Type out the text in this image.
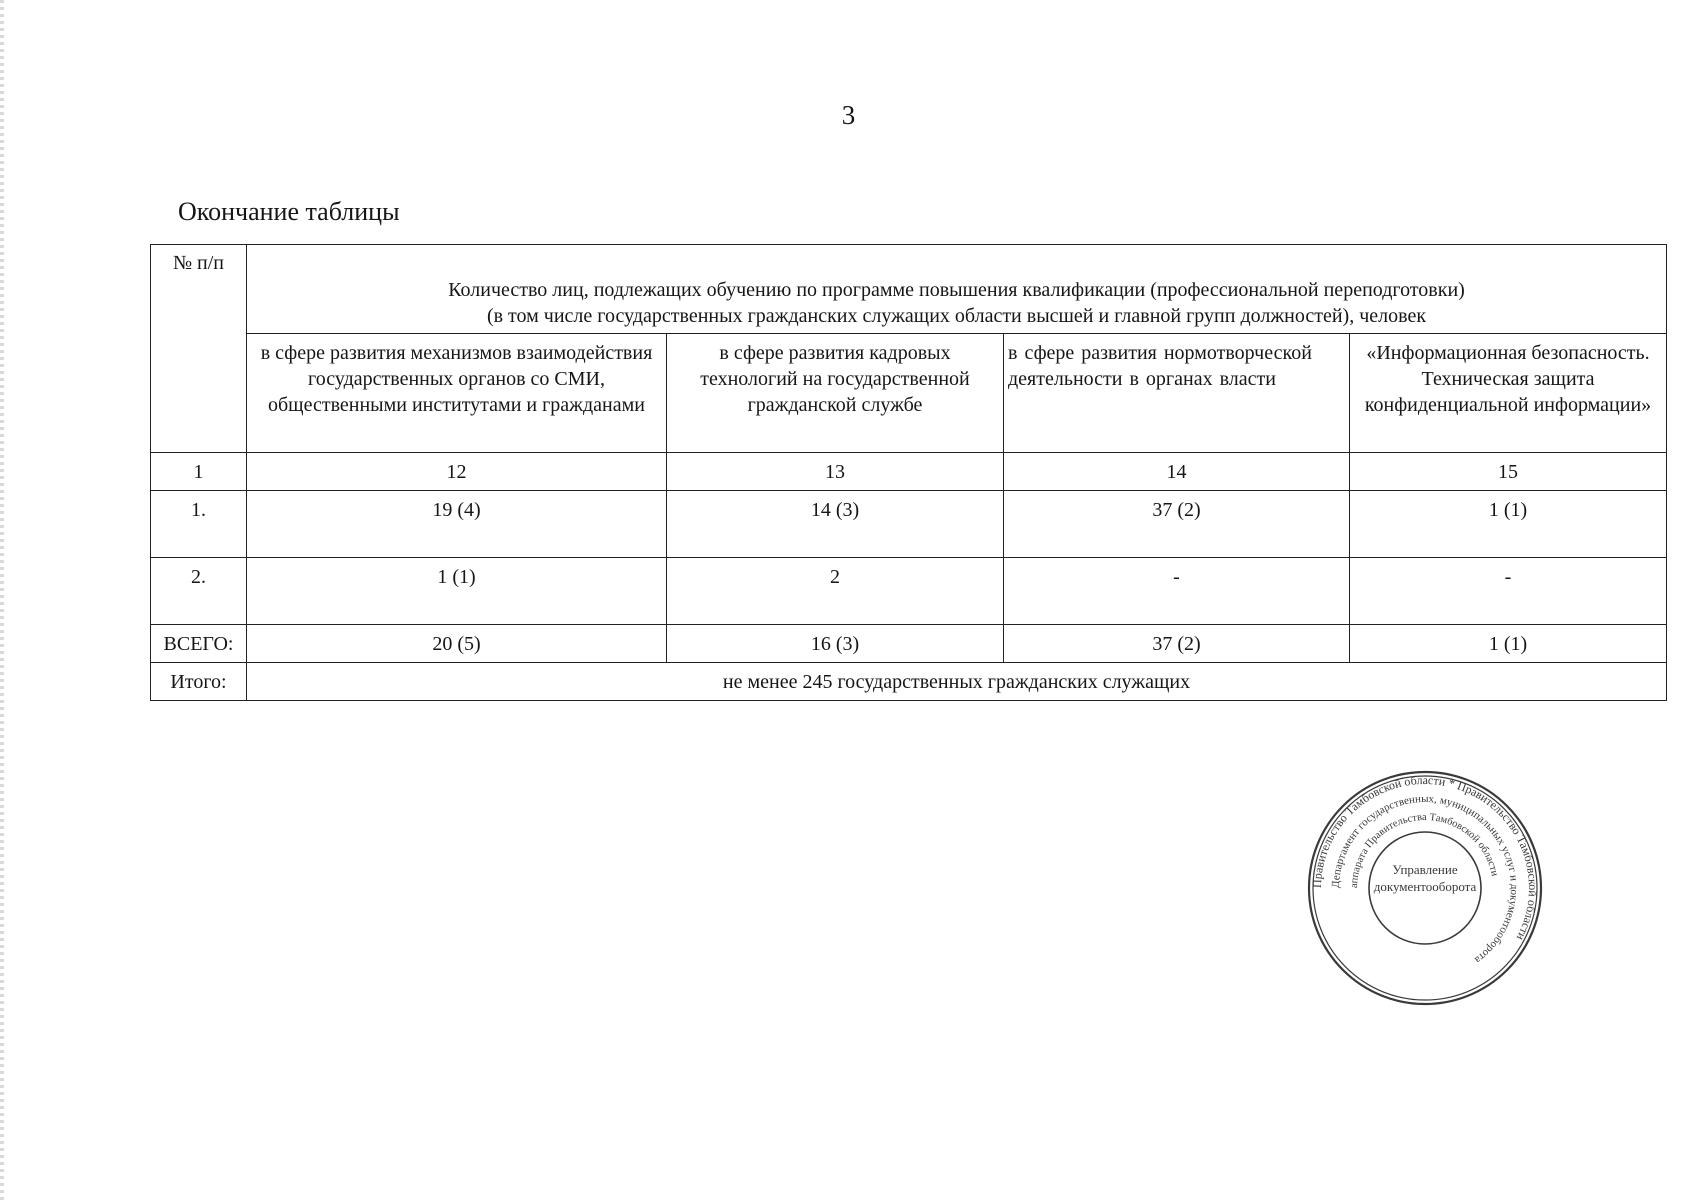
3
Окончание таблицы
№ п/п	Количество лиц, подлежащих обучению по программе повышения квалификации (профессиональной переподготовки)
(в том числе государственных гражданских служащих области высшей и главной групп должностей), человек			

	в сфере развития механизмов взаимодействия государственных органов со СМИ, общественными институтами и гражданами	в сфере развития кадровых технологий на государственной гражданской службе	в сфере развития нормотворческой деятельности в органах власти	«Информационная безопасность. Техническая защита конфиденциальной информации»
1	12	13	14	15
1.	19 (4)	14 (3)	37 (2)	1 (1)
2.	1 (1)	2	-	-
ВСЕГО:	20 (5)	16 (3)	37 (2)	1 (1)
Итого:	не менее 245 государственных гражданских служащих			
Правительство Тамбовской области * Правительство Тамбовской области
Департамент государственных, муниципальных услуг и документооборота
аппарата Правительства Тамбовской области
Управление
документооборота
